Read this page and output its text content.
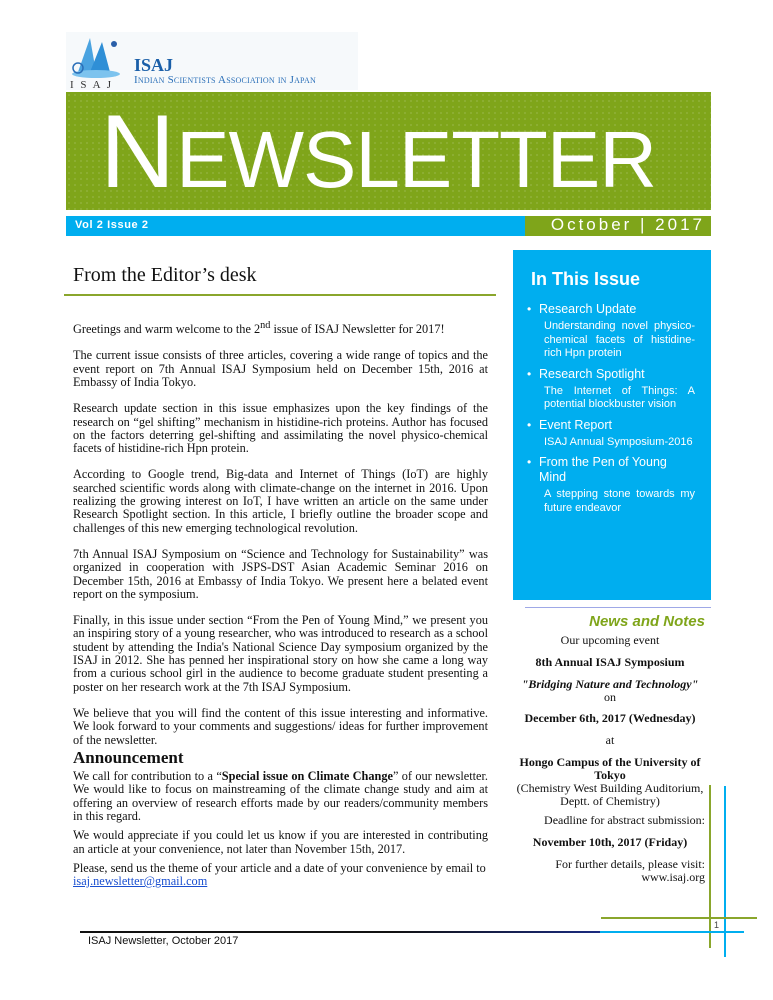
I S A J
ISAJ
Indian Scientists Association in Japan
NEWSLETTER
Vol 2 Issue 2	October | 2017
From the Editor’s desk

Greetings and warm welcome to the 2nd issue of ISAJ Newsletter for 2017!

The current issue consists of three articles, covering a wide range of topics and the event report on 7th Annual ISAJ Symposium held on December 15th, 2016 at Embassy of India Tokyo.

Research update section in this issue emphasizes upon the key findings of the research on “gel shifting” mechanism in histidine-rich proteins. Author has focused on the factors deterring gel-shifting and assimilating the novel physico-chemical facets of histidine-rich Hpn protein.

According to Google trend, Big-data and Internet of Things (IoT) are highly searched scientific words along with climate-change on the internet in 2016. Upon realizing the growing interest on IoT, I have written an article on the same under Research Spotlight section. In this article, I briefly outline the broader scope and challenges of this new emerging technological revolution.

7th Annual ISAJ Symposium on “Science and Technology for Sustainability” was organized in cooperation with JSPS-DST Asian Academic Seminar 2016 on December 15th, 2016 at Embassy of India Tokyo. We present here a belated event report on the symposium.

Finally, in this issue under section “From the Pen of Young Mind,” we present you an inspiring story of a young researcher, who was introduced to research as a school student by attending the India's National Science Day symposium organized by the ISAJ in 2012. She has penned her inspirational story on how she came a long way from a curious school girl in the audience to become graduate student presenting a poster on her research work at the 7th ISAJ Symposium.

We believe that you will find the content of this issue interesting and informative. We look forward to your comments and suggestions/ ideas for further improvement of the newsletter.

Announcement

We call for contribution to a “Special issue on Climate Change” of our newsletter. We would like to focus on mainstreaming of the climate change study and aim at offering an overview of research efforts made by our readers/community members in this regard.

We would appreciate if you could let us know if you are interested in contributing an article at your convenience, not later than November 15th, 2017.

Please, send us the theme of your article and a date of your convenience by email to isaj.newsletter@gmail.com

In This Issue
• Research Update
Understanding novel physico-chemical facets of histidine-rich Hpn protein
• Research Spotlight
The Internet of Things: A potential blockbuster vision
• Event Report
ISAJ Annual Symposium-2016
• From the Pen of Young Mind
A stepping stone towards my future endeavor
News and Notes

Our upcoming event

8th Annual ISAJ Symposium

"Bridging Nature and Technology"
on

December 6th, 2017 (Wednesday)

at

Hongo Campus of the University of Tokyo
(Chemistry West Building Auditorium, Deptt. of Chemistry)

Deadline for abstract submission:

November 10th, 2017 (Friday)

For further details, please visit:
www.isaj.org

1
ISAJ Newsletter, October 2017
